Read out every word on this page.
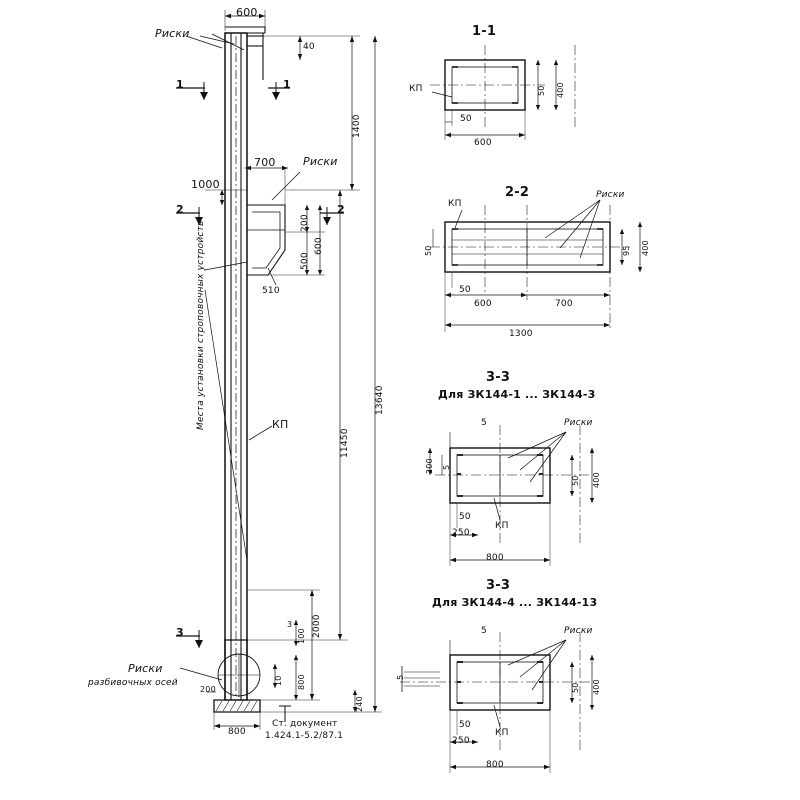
Риски
600
40
1400
1000
700 Риски
200
500
600
510
11450
13640
КП
2000
100
3
800
10
800
240
200
1	1
2	2
3
Места установки строповочных устройств
Риски
разбивочных осей
Ст. документ
1.424.1-5.2/87.1
1-1
КП
50
600
50 400
2-2
КП
Риски
50
50
600	700
1300
95 400
3-3
Для ЗК144-1 ... ЗК144-3
Риски
5
КП
50
250
800
200 5
50 400
3-3
Для ЗК144-4 ... ЗК144-13
Риски
5
КП
50
250
800
50 400
5
